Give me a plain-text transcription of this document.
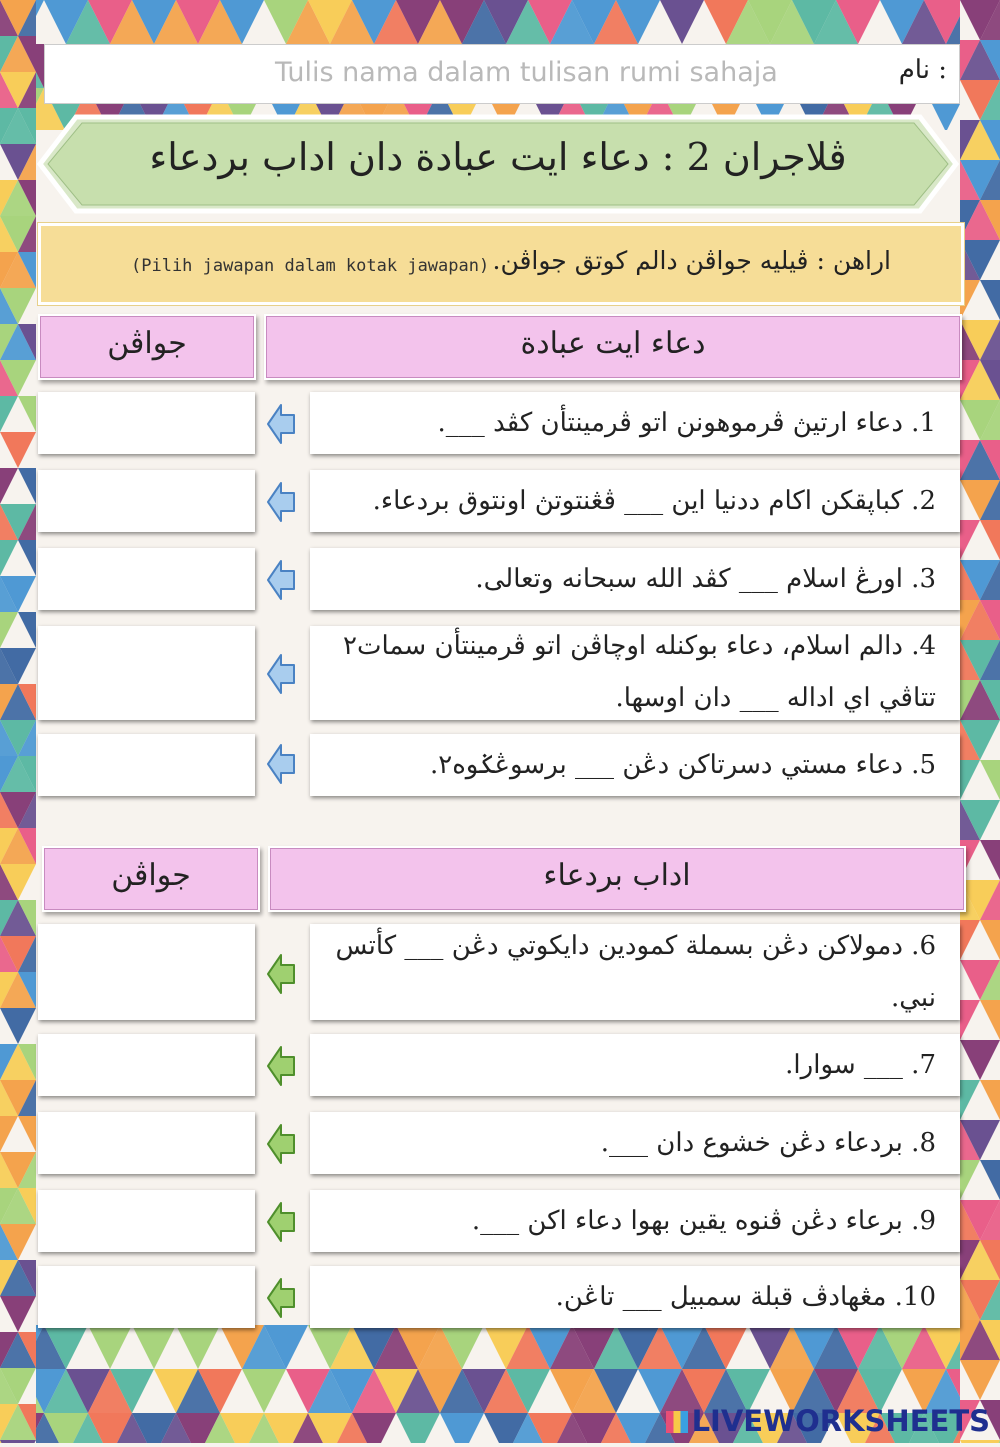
Tulis nama dalam tulisan rumi sahaja	نام :
ڤلاجران 2 : دعاء ايت عبادة دان اداب بردعاء
اراهن : ڤيليه جواڤن دالم كوتق جواڤن.
(Pilih jawapan dalam kotak jawapan)
جواڤن	دعاء ايت عبادة
1. دعاء ارتيڽ ڤرموهونن اتو ڤرمينتأن كڤد ___.
2. كباڽقكن اكام ددنيا اين ___ ڤڠنتوتڽ اونتوق بردعاء.
3. اورڠ اسلام ___ كڤد الله سبحانه وتعالى.
4. دالم اسلام، دعاء بوكنله اوچاڤن اتو ڤرمينتأن سمات٢ تتاڤي اي اداله ___ دان اوسها.
5. دعاء مستي دسرتاكن دڠن ___ برسوڠݢوه٢.
جواڤن	اداب بردعاء
6. دمولاكن دڠن بسملة كمودين دايكوتي دڠن ___ كأتس نبي.
7. ___ سوارا.
8. بردعاء دڠن خشوع دان ___.
9. برعاء دڠن ڤنوه يقين بهوا دعاء اكن ___.
10. مڠهادڤ قبلة سمبيل ___ تاڠن.
LIVEWORKSHEETS
